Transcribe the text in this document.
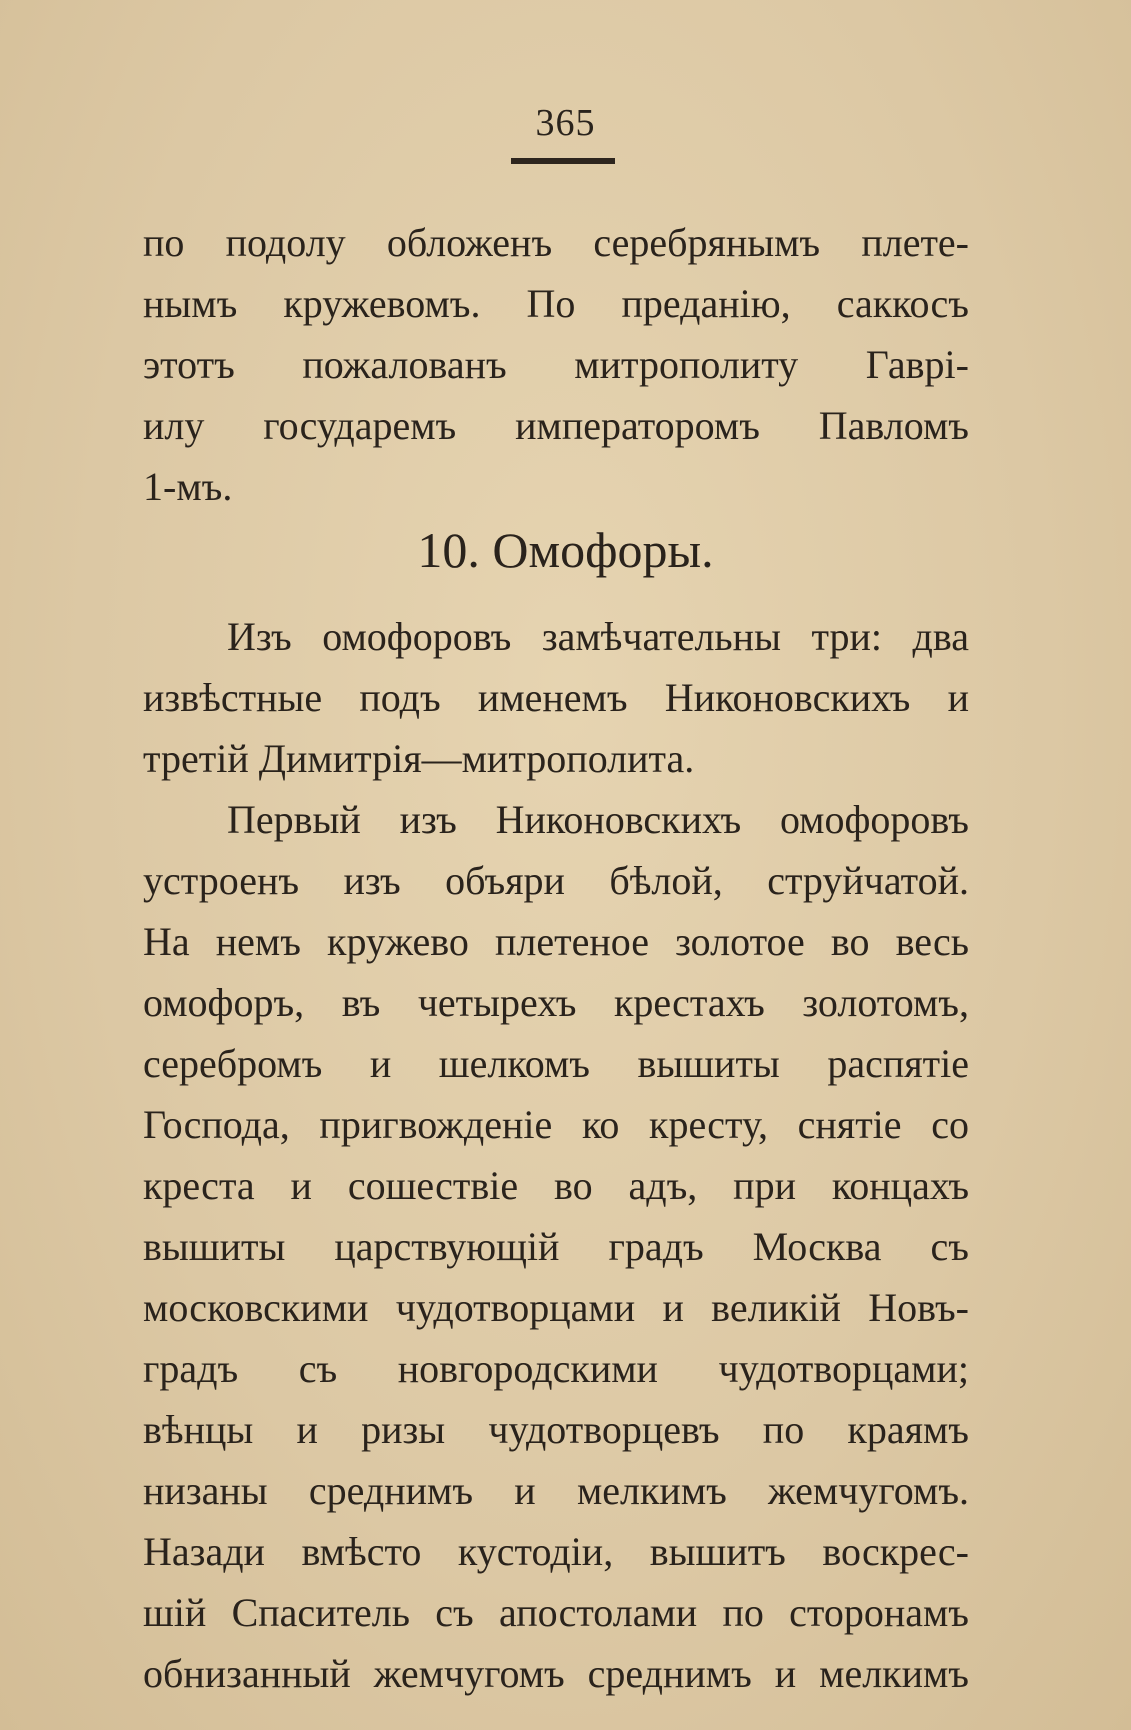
365
по подолу обложенъ серебрянымъ плете-
нымъ кружевомъ. По преданію, саккосъ
этотъ пожалованъ митрополиту Гаврі-
илу государемъ императоромъ Павломъ
1-мъ.
10. Омофоры.
Изъ омофоровъ замѣчательны три: два
извѣстные подъ именемъ Никоновскихъ и
третій Димитрія—митрополита.
Первый изъ Никоновскихъ омофоровъ
устроенъ изъ объяри бѣлой, струйчатой.
На немъ кружево плетеное золотое во весь
омофоръ, въ четырехъ крестахъ золотомъ,
серебромъ и шелкомъ вышиты распятіе
Господа, пригвожденіе ко кресту, снятіе со
креста и сошествіе во адъ, при концахъ
вышиты царствующій градъ Москва съ
московскими чудотворцами и великій Новъ-
градъ съ новгородскими чудотворцами;
вѣнцы и ризы чудотворцевъ по краямъ
низаны среднимъ и мелкимъ жемчугомъ.
Назади вмѣсто кустодіи, вышитъ воскрес-
шій Спаситель съ апостолами по сторонамъ
обнизанный жемчугомъ среднимъ и мелкимъ
